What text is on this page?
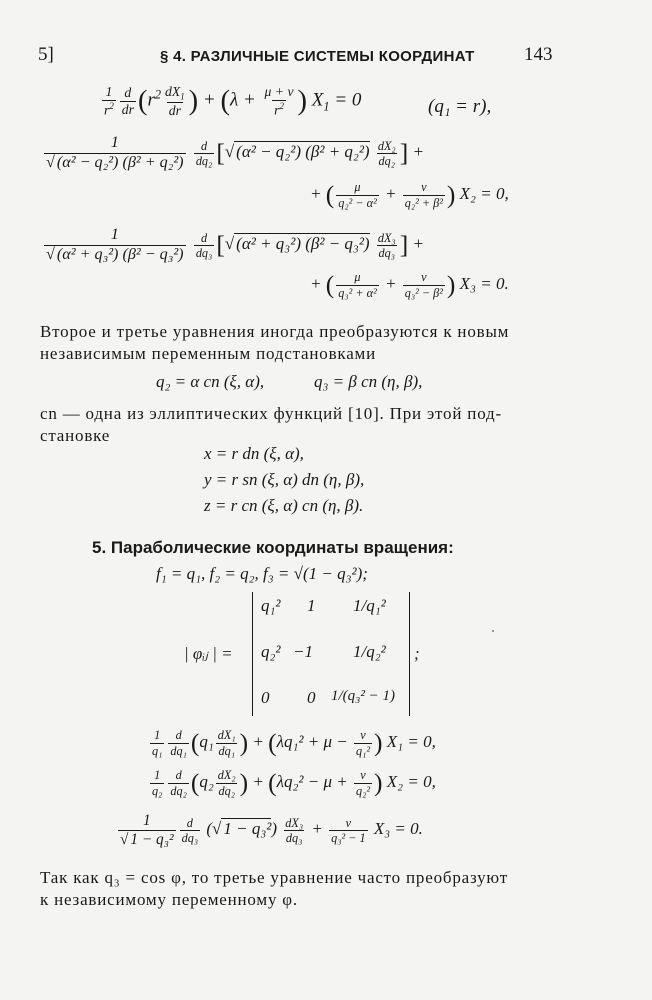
5]	§ 4. РАЗЛИЧНЫЕ СИСТЕМЫ КООРДИНАТ	143
$\frac{1}{r^2} \frac{d}{dr} (r^2 \frac{dX_1}{dr}$ ) + ($\lambda + \frac{\mu + \nu}{r^2}$ ) $X_1 = 0$	(q₁ = r),
$\frac{1}{\text{√ (α² − q₂²) (β² + q₂²)}}$
$\frac{d}{\text{dq₂}}$ [√ (α² − q₂²) $(\beta^2 + q_2^2) \frac{\text{dX₂}}{\text{dq₂}}$ ] +
+ ( $\frac{\mu}{\text{q₂² − α²}} + \frac{\nu}{\text{q₂² + β²}}$ ) X₂ = 0,
$\frac{1}{\text{√ (α² + q₃²) (β² − q₃²)}}$
$\frac{d}{\text{dq₃}}$ [√ (α² + q₃²) $(\beta^2 - q_3^2) \frac{\text{dX₃}}{\text{dq₃}}$ ] +
+ ( $\frac{\mu}{\text{q₃² + α²}} + \frac{\nu}{\text{q₃² − β²}}$ ) X₃ = 0.
Второе и третье уравнения иногда преобразуются к новым
независимым переменным подстановками
q₂ = α cn (ξ, α),	q₃ = β cn (η, β),
cn — одна из эллиптических функций [10]. При этой под-
становке
x = r dn (ξ, α),
y = r sn (ξ, α) dn (η, β),
z = r cn (ξ, α) cn (η, β).
5. Параболические координаты вращения:
f₁ = q₁, f₂ = q₂, f₃ = √(1 − q₃²);
| φᵢⱼ | =
q₁² 1 1/q₁²
q₂² −1 1/q₂²
0 0 1/(q₃² − 1)
;
$\frac{1}{\text{q₁}} \frac{d}{\text{dq₁}} (q_1 \frac{\text{dX₁}}{\text{dq₁}}$ ) + ($\lambda q_1^2 + \mu - \frac{\nu}{\text{q₁²}}$ ) X₁ = 0,
$\frac{1}{\text{q₂}} \frac{d}{\text{dq₂}} (q_2 \frac{\text{dX₂}}{\text{dq₂}}$ ) + ($\lambda q_2^2 - \mu + \frac{\nu}{\text{q₂²}}$ ) X₂ = 0,
$\frac{1}{\text{√ 1 − q₃²}} \frac{d}{\text{dq₃}}$ (√ $1 - q_3^2) \frac{\text{dX₃}}{\text{dq₃}} + \frac{\nu}{\text{q₃² − 1}} X_3 = 0$.
Так как q₃ = cos φ, то третье уравнение часто преобразуют
к независимому переменному φ.
